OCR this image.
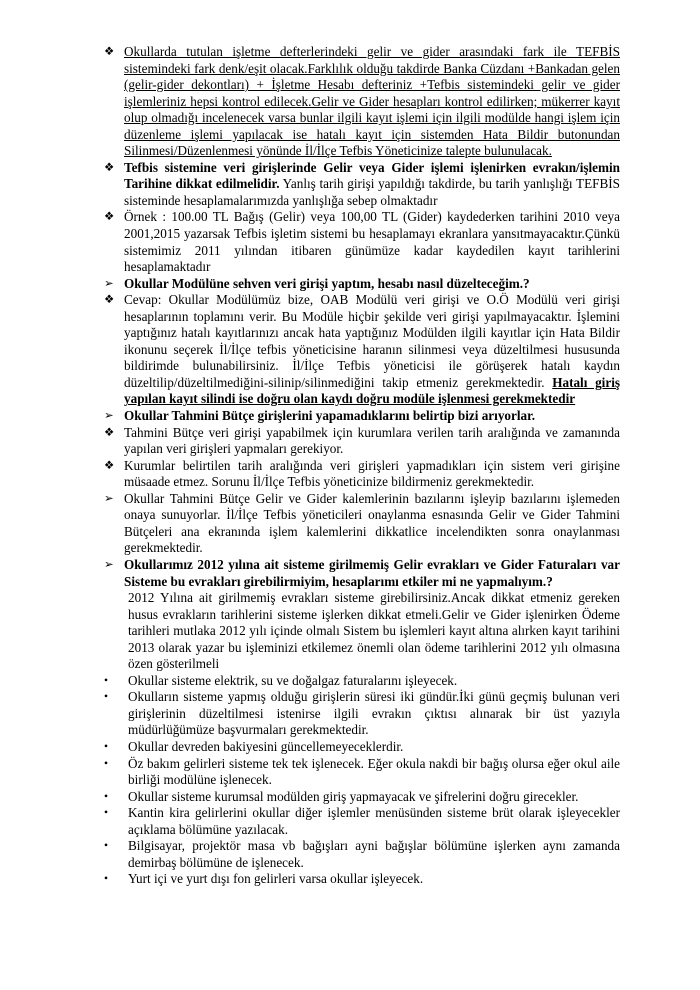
❖ Okullarda tutulan işletme defterlerindeki gelir ve gider arasındaki fark ile TEFBİS sistemindeki fark denk/eşit olacak.Farklılık olduğu takdirde Banka Cüzdanı +Bankadan gelen (gelir-gider dekontları) + İşletme Hesabı defteriniz +Tefbis sistemindeki gelir ve gider işlemleriniz hepsi kontrol edilecek.Gelir ve Gider hesapları kontrol edilirken; mükerrer kayıt olup olmadığı incelenecek varsa bunlar ilgili kayıt işlemi için ilgili modülde hangi işlem için düzenleme işlemi yapılacak ise hatalı kayıt için sistemden Hata Bildir butonundan Silinmesi/Düzenlenmesi yönünde İl/İlçe Tefbis Yöneticinize talepte bulunulacak.
❖ Tefbis sistemine veri girişlerinde Gelir veya Gider işlemi işlenirken evrakın/işlemin Tarihine dikkat edilmelidir. Yanlış tarih girişi yapıldığı takdirde, bu tarih yanlışlığı TEFBİS sisteminde hesaplamalarımızda yanlışlığa sebep olmaktadır
❖ Örnek : 100.00 TL Bağış (Gelir) veya 100,00 TL (Gider) kaydederken tarihini 2010 veya 2001,2015 yazarsak Tefbis işletim sistemi bu hesaplamayı ekranlara yansıtmayacaktır.Çünkü sistemimiz 2011 yılından itibaren günümüze kadar kaydedilen kayıt tarihlerini hesaplamaktadır
➢ Okullar Modülüne sehven veri girişi yaptım, hesabı nasıl düzelteceğim.?
❖ Cevap: Okullar Modülümüz bize, OAB Modülü veri girişi ve O.Ö Modülü veri girişi hesaplarının toplamını verir. Bu Modüle hiçbir şekilde veri girişi yapılmayacaktır. İşlemini yaptığınız hatalı kayıtlarınızı ancak hata yaptığınız Modülden ilgili kayıtlar için Hata Bildir ikonunu seçerek İl/İlçe tefbis yöneticisine haranın silinmesi veya düzeltilmesi hususunda bildirimde bulunabilirsiniz. İl/İlçe Tefbis yöneticisi ile görüşerek hatalı kaydın düzeltilip/düzeltilmediğini-silinip/silinmediğini takip etmeniz gerekmektedir. Hatalı giriş yapılan kayıt silindi ise doğru olan kaydı doğru modüle işlenmesi gerekmektedir
➢ Okullar Tahmini Bütçe girişlerini yapamadıklarını belirtip bizi arıyorlar.
❖ Tahmini Bütçe veri girişi yapabilmek için kurumlara verilen tarih aralığında ve zamanında yapılan veri girişleri yapmaları gerekiyor.
❖ Kurumlar belirtilen tarih aralığında veri girişleri yapmadıkları için sistem veri girişine müsaade etmez. Sorunu İl/İlçe Tefbis yöneticinize bildirmeniz gerekmektedir.
➢ Okullar Tahmini Bütçe Gelir ve Gider kalemlerinin bazılarını işleyip bazılarını işlemeden onaya sunuyorlar. İl/İlçe Tefbis yöneticileri onaylanma esnasında Gelir ve Gider Tahmini Bütçeleri ana ekranında işlem kalemlerini dikkatlice incelendikten sonra onaylanması gerekmektedir.
➢ Okullarımız 2012 yılına ait sisteme girilmemiş Gelir evrakları ve Gider Faturaları var Sisteme bu evrakları girebilirmiyim, hesaplarımı etkiler mi ne yapmalıyım.?
2012 Yılına ait girilmemiş evrakları sisteme girebilirsiniz.Ancak dikkat etmeniz gereken husus evrakların tarihlerini sisteme işlerken dikkat etmeli.Gelir ve Gider işlenirken Ödeme tarihleri mutlaka 2012 yılı içinde olmalı Sistem bu işlemleri kayıt altına alırken kayıt tarihini 2013 olarak yazar bu işleminizi etkilemez önemli olan ödeme tarihlerini 2012 yılı olmasına özen gösterilmeli
•	Okullar sisteme elektrik, su ve doğalgaz faturalarını işleyecek.
•	Okulların sisteme yapmış olduğu girişlerin süresi iki gündür.İki günü geçmiş bulunan veri girişlerinin düzeltilmesi istenirse ilgili evrakın çıktısı alınarak bir üst yazıyla müdürlüğümüze başvurmaları gerekmektedir.
•	Okullar devreden bakiyesini güncellemeyeceklerdir.
•	Öz bakım gelirleri sisteme tek tek işlenecek. Eğer okula nakdi bir bağış olursa eğer okul aile birliği modülüne işlenecek.
•	Okullar sisteme kurumsal modülden giriş yapmayacak ve şifrelerini doğru girecekler.
•	Kantin kira gelirlerini okullar diğer işlemler menüsünden sisteme brüt olarak işleyecekler açıklama bölümüne yazılacak.
•	Bilgisayar, projektör masa vb bağışları ayni bağışlar bölümüne işlerken aynı zamanda demirbaş bölümüne de işlenecek.
•	Yurt içi ve yurt dışı fon gelirleri varsa okullar işleyecek.
